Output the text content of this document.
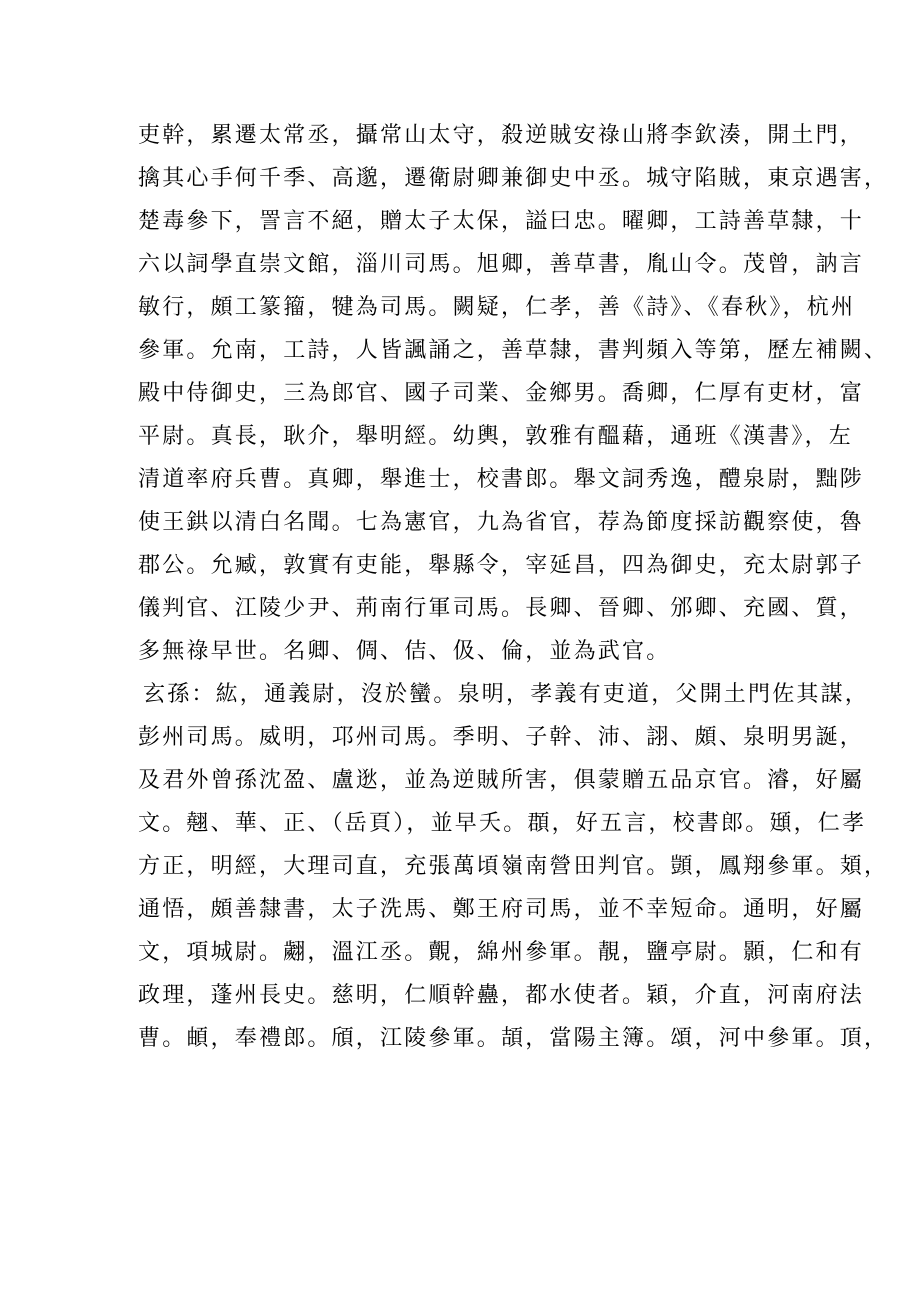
吏幹，累遷太常丞，攝常山太守，殺逆賊安祿山將李欽湊，開土門，
擒其心手何千季、高邈，遷衛尉卿兼御史中丞。城守陷賊，東京遇害，
楚毒參下，詈言不絕，贈太子太保，謚曰忠。曜卿，工詩善草隸，十
六以詞學直崇文館，淄川司馬。旭卿，善草書，胤山令。茂曾，訥言
敏行，頗工篆籀，犍為司馬。闕疑，仁孝，善《詩》、《春秋》，杭州
參軍。允南，工詩，人皆諷誦之，善草隸，書判頻入等第，歷左補闕、
殿中侍御史，三為郎官、國子司業、金鄉男。喬卿，仁厚有吏材，富
平尉。真長，耿介，舉明經。幼輿，敦雅有醞藉，通班《漢書》，左
清道率府兵曹。真卿，舉進士，校書郎。舉文詞秀逸，醴泉尉，黜陟
使王鉷以清白名聞。七為憲官，九為省官，荐為節度採訪觀察使，魯
郡公。允臧，敦實有吏能，舉縣令，宰延昌，四為御史，充太尉郭子
儀判官、江陵少尹、荊南行軍司馬。長卿、晉卿、邠卿、充國、質，
多無祿早世。名卿、倜、佶、伋、倫，並為武官。
玄孫：紘，通義尉，沒於蠻。泉明，孝義有吏道，父開土門佐其謀，
彭州司馬。威明，邛州司馬。季明、子幹、沛、詡、頗、泉明男誕，
及君外曾孫沈盈、盧逖，並為逆賊所害，俱蒙贈五品京官。濬，好屬
文。翹、華、正、（岳頁），並早夭。頵，好五言，校書郎。頲，仁孝
方正，明經，大理司直，充張萬頃嶺南營田判官。顗，鳳翔參軍。頍，
通悟，頗善隸書，太子洗馬、鄭王府司馬，並不幸短命。通明，好屬
文，項城尉。翽，溫江丞。覿，綿州參軍。靚，鹽亭尉。顥，仁和有
政理，蓬州長史。慈明，仁順幹蠱，都水使者。穎，介直，河南府法
曹。頔，奉禮郎。頎，江陵參軍。頡，當陽主簿。頌，河中參軍。頂，
